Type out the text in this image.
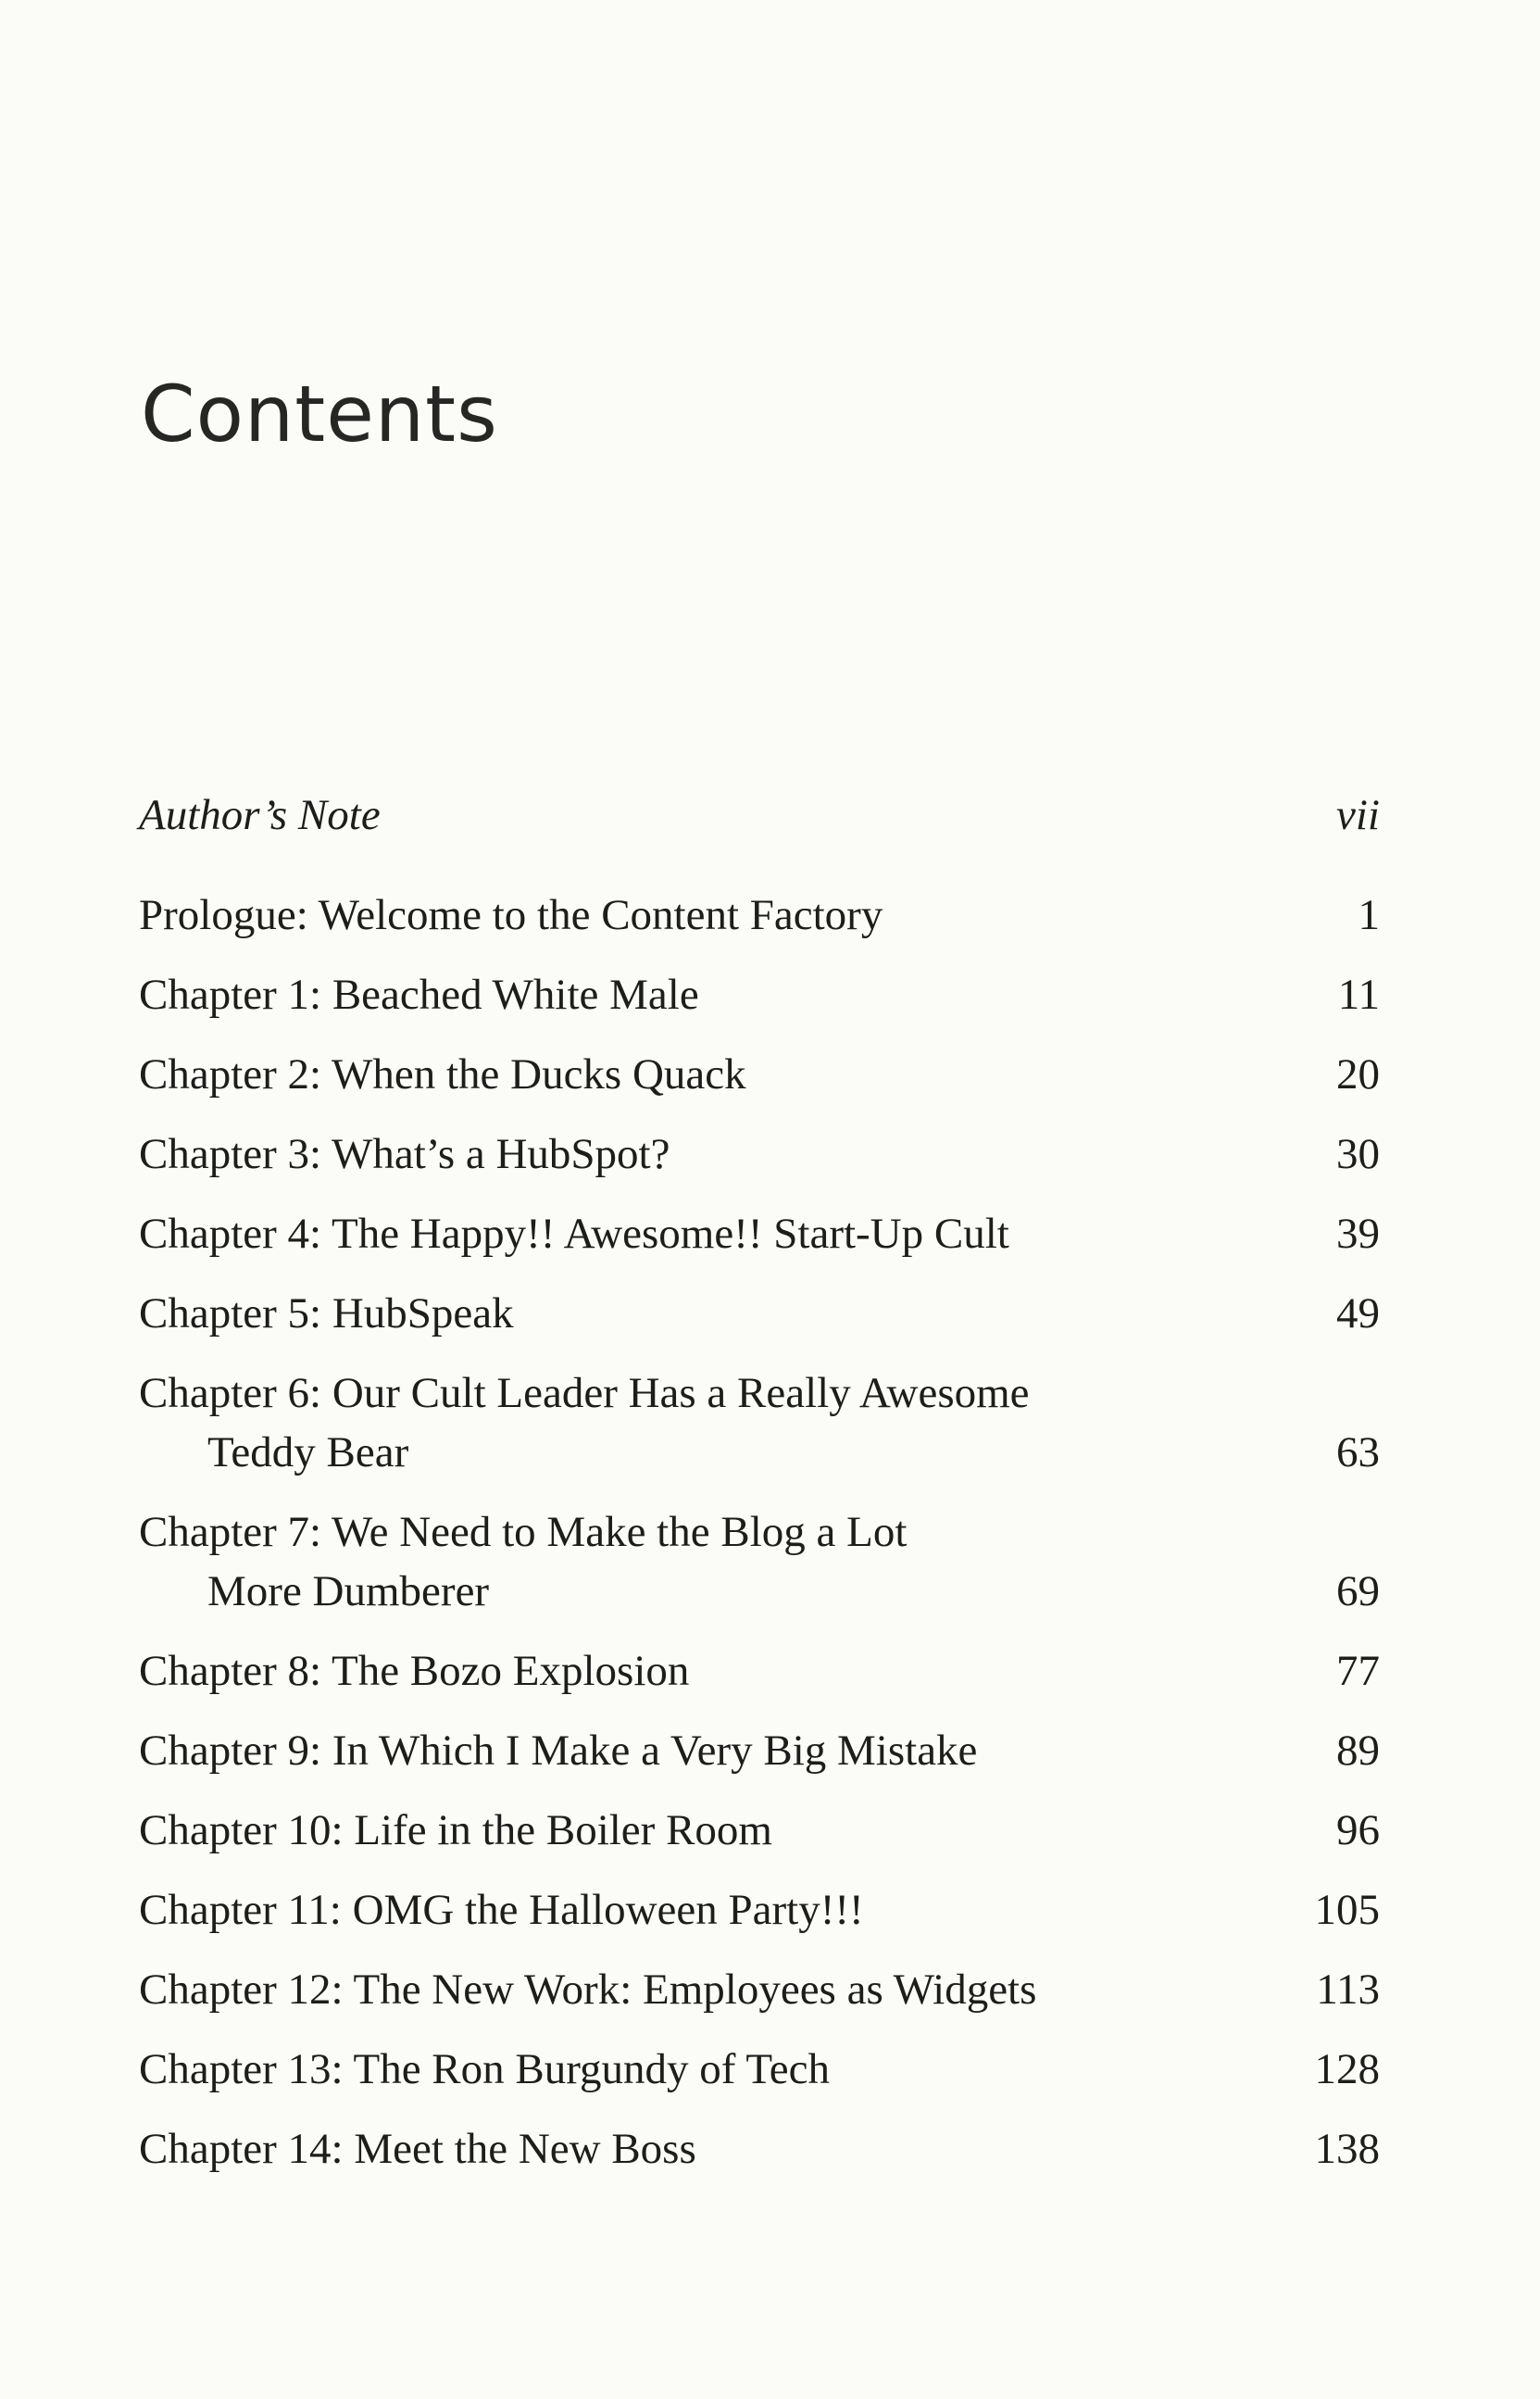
Contents
Author’s Note	vii
Prologue: Welcome to the Content Factory	1
Chapter 1: Beached White Male	11
Chapter 2: When the Ducks Quack	20
Chapter 3: What’s a HubSpot?	30
Chapter 4: The Happy!! Awesome!! Start-Up Cult	39
Chapter 5: HubSpeak	49
Chapter 6: Our Cult Leader Has a Really Awesome
Teddy Bear	63
Chapter 7: We Need to Make the Blog a Lot
More Dumberer	69
Chapter 8: The Bozo Explosion	77
Chapter 9: In Which I Make a Very Big Mistake	89
Chapter 10: Life in the Boiler Room	96
Chapter 11: OMG the Halloween Party!!!	105
Chapter 12: The New Work: Employees as Widgets	113
Chapter 13: The Ron Burgundy of Tech	128
Chapter 14: Meet the New Boss	138
